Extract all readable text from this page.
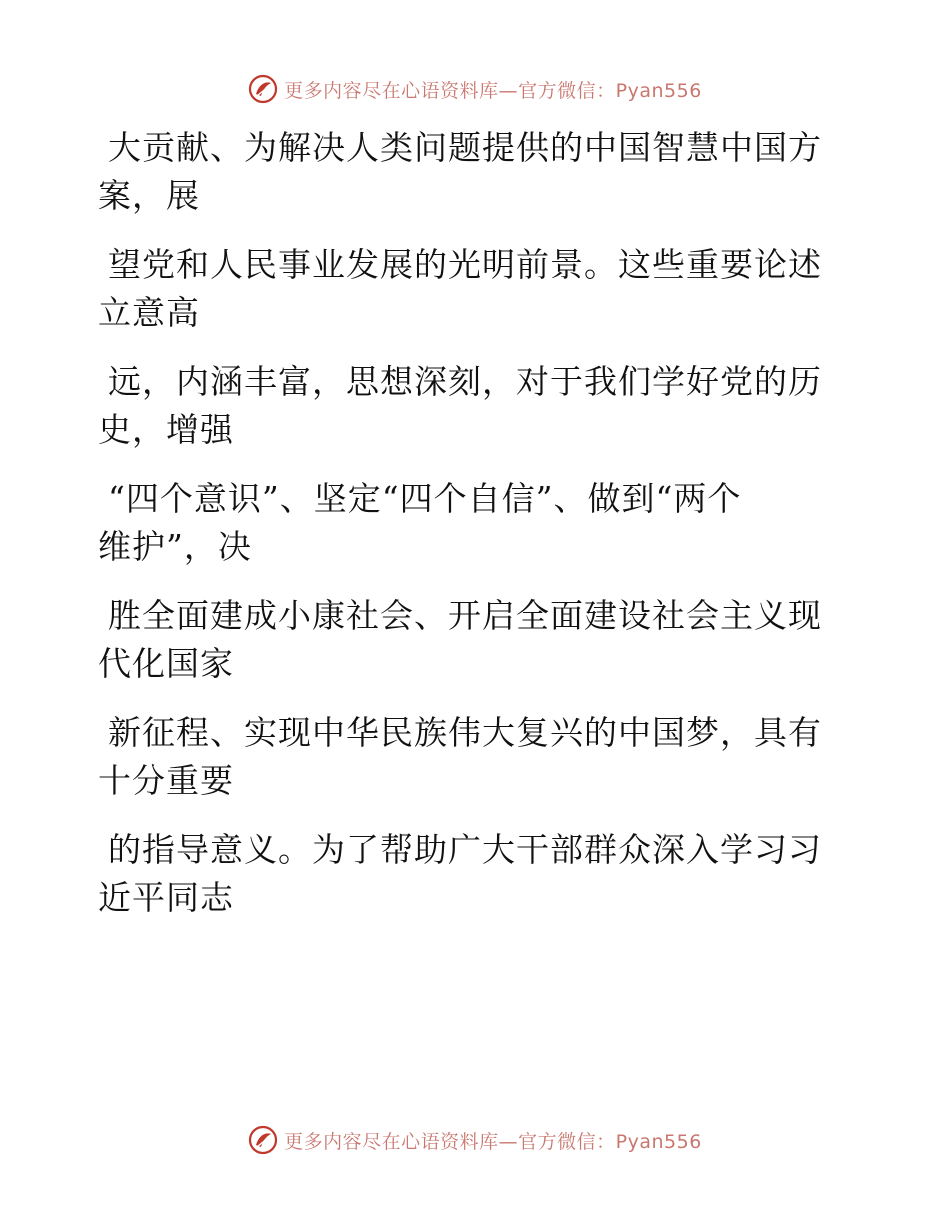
更多内容尽在心语资料库—官方微信：Pyan556
大贡献、为解决人类问题提供的中国智慧中国方
案，展
望党和人民事业发展的光明前景。这些重要论述
立意高
远，内涵丰富，思想深刻，对于我们学好党的历
史，增强
“四个意识”、坚定“四个自信”、做到“两个
维护”，决
胜全面建成小康社会、开启全面建设社会主义现
代化国家
新征程、实现中华民族伟大复兴的中国梦，具有
十分重要
的指导意义。为了帮助广大干部群众深入学习习
近平同志
更多内容尽在心语资料库—官方微信：Pyan556
